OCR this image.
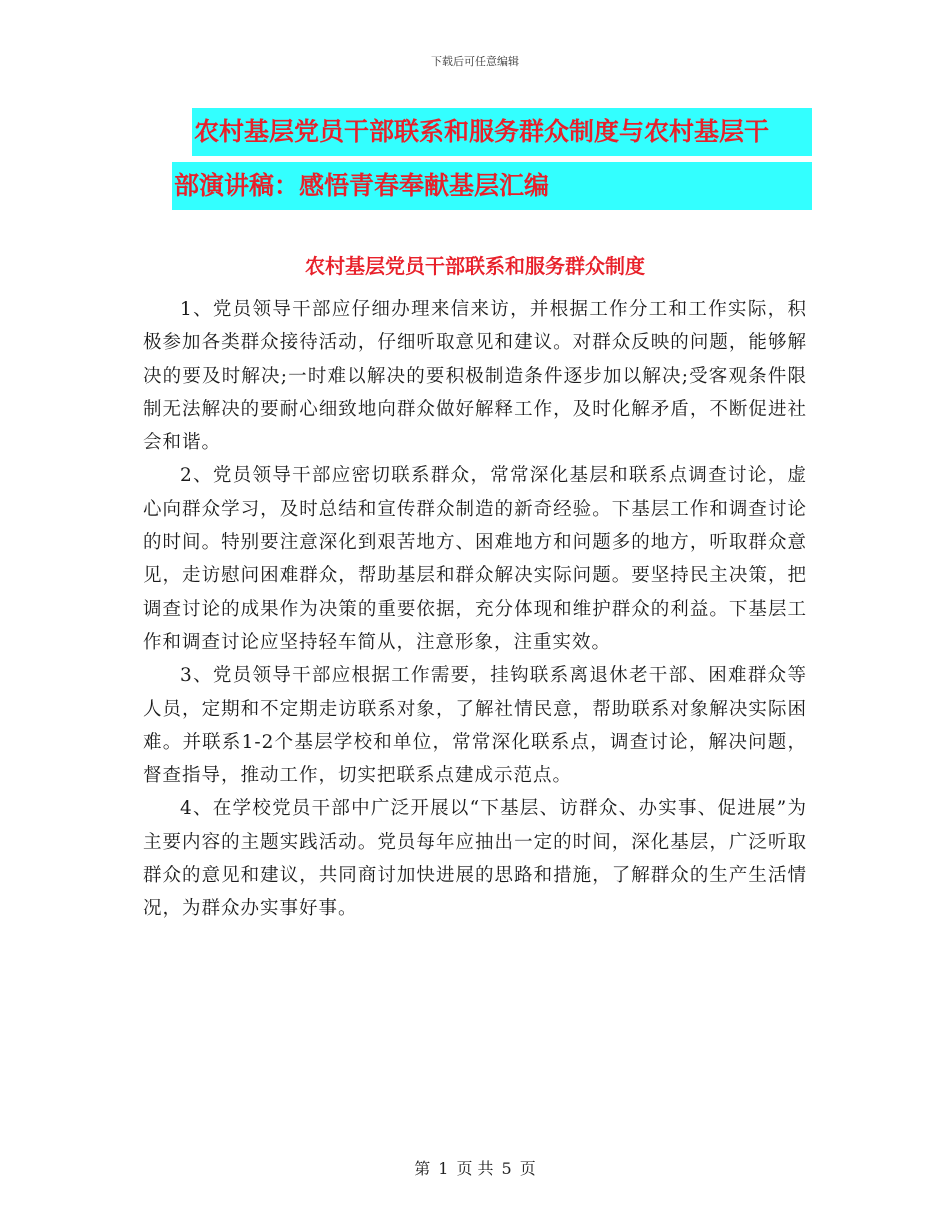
下载后可任意编辑
农村基层党员干部联系和服务群众制度与农村基层干
部演讲稿：感悟青春奉献基层汇编
农村基层党员干部联系和服务群众制度

1、党员领导干部应仔细办理来信来访，并根据工作分工和工作实际，积极参加各类群众接待活动，仔细听取意见和建议。对群众反映的问题，能够解决的要及时解决;一时难以解决的要积极制造条件逐步加以解决;受客观条件限制无法解决的要耐心细致地向群众做好解释工作，及时化解矛盾，不断促进社会和谐。

2、党员领导干部应密切联系群众，常常深化基层和联系点调查讨论，虚心向群众学习，及时总结和宣传群众制造的新奇经验。下基层工作和调查讨论的时间。特别要注意深化到艰苦地方、困难地方和问题多的地方，听取群众意见，走访慰问困难群众，帮助基层和群众解决实际问题。要坚持民主决策，把调查讨论的成果作为决策的重要依据，充分体现和维护群众的利益。下基层工作和调查讨论应坚持轻车简从，注意形象，注重实效。

3、党员领导干部应根据工作需要，挂钩联系离退休老干部、困难群众等人员，定期和不定期走访联系对象，了解社情民意，帮助联系对象解决实际困难。并联系1-2个基层学校和单位，常常深化联系点，调查讨论，解决问题，督查指导，推动工作，切实把联系点建成示范点。

4、在学校党员干部中广泛开展以“下基层、访群众、办实事、促进展”为主要内容的主题实践活动。党员每年应抽出一定的时间，深化基层，广泛听取群众的意见和建议，共同商讨加快进展的思路和措施，了解群众的生产生活情况，为群众办实事好事。

第 1 页 共 5 页
